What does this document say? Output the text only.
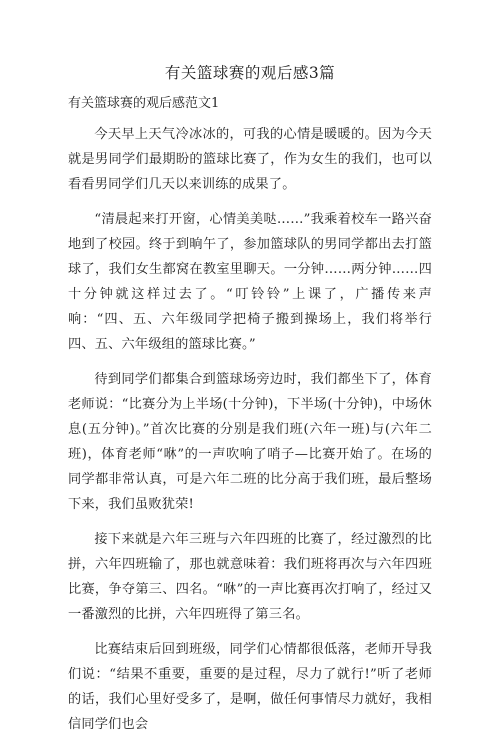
有关篮球赛的观后感3篇
有关篮球赛的观后感范文1

今天早上天气冷冰冰的，可我的心情是暖暖的。因为今天就是男同学们最期盼的篮球比赛了，作为女生的我们，也可以看看男同学们几天以来训练的成果了。

“清晨起来打开窗，心情美美哒……”我乘着校车一路兴奋地到了校园。终于到晌午了，参加篮球队的男同学都出去打篮球了，我们女生都窝在教室里聊天。一分钟……两分钟……四十分钟就这样过去了。“叮铃铃”上课了，广播传来声响：“四、五、六年级同学把椅子搬到操场上，我们将举行四、五、六年级组的篮球比赛。”

待到同学们都集合到篮球场旁边时，我们都坐下了，体育老师说：“比赛分为上半场(十分钟)，下半场(十分钟)，中场休息(五分钟)。”首次比赛的分别是我们班(六年一班)与(六年二班)，体育老师“咻”的一声吹响了哨子—比赛开始了。在场的同学都非常认真，可是六年二班的比分高于我们班，最后整场下来，我们虽败犹荣!

接下来就是六年三班与六年四班的比赛了，经过激烈的比拼，六年四班输了，那也就意味着：我们班将再次与六年四班比赛，争夺第三、四名。“咻”的一声比赛再次打响了，经过又一番激烈的比拼，六年四班得了第三名。

比赛结束后回到班级，同学们心情都很低落，老师开导我们说：“结果不重要，重要的是过程，尽力了就行!”听了老师的话，我们心里好受多了，是啊，做任何事情尽力就好，我相信同学们也会
